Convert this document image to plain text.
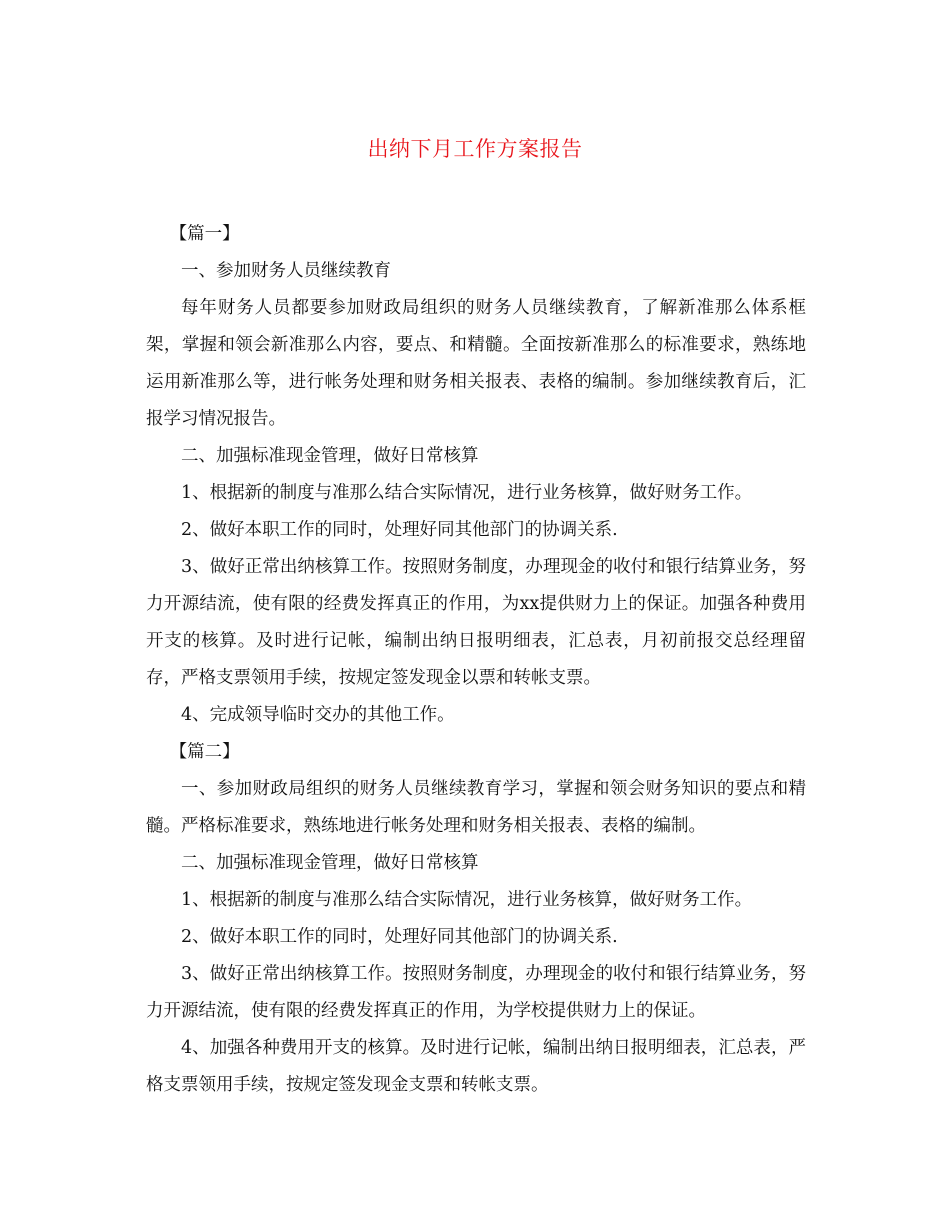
出纳下月工作方案报告

【篇一】

一、参加财务人员继续教育

每年财务人员都要参加财政局组织的财务人员继续教育，了解新准那么体系框架，掌握和领会新准那么内容，要点、和精髓。全面按新准那么的标准要求，熟练地运用新准那么等，进行帐务处理和财务相关报表、表格的编制。参加继续教育后，汇报学习情况报告。

二、加强标准现金管理，做好日常核算

1、根据新的制度与准那么结合实际情况，进行业务核算，做好财务工作。

2、做好本职工作的同时，处理好同其他部门的协调关系.

3、做好正常出纳核算工作。按照财务制度，办理现金的收付和银行结算业务，努力开源结流，使有限的经费发挥真正的作用，为xx提供财力上的保证。加强各种费用开支的核算。及时进行记帐，编制出纳日报明细表，汇总表，月初前报交总经理留存，严格支票领用手续，按规定签发现金以票和转帐支票。

4、完成领导临时交办的其他工作。

【篇二】

一、参加财政局组织的财务人员继续教育学习，掌握和领会财务知识的要点和精髓。严格标准要求，熟练地进行帐务处理和财务相关报表、表格的编制。

二、加强标准现金管理，做好日常核算

1、根据新的制度与准那么结合实际情况，进行业务核算，做好财务工作。

2、做好本职工作的同时，处理好同其他部门的协调关系.

3、做好正常出纳核算工作。按照财务制度，办理现金的收付和银行结算业务，努力开源结流，使有限的经费发挥真正的作用，为学校提供财力上的保证。

4、加强各种费用开支的核算。及时进行记帐，编制出纳日报明细表，汇总表，严格支票领用手续，按规定签发现金支票和转帐支票。
